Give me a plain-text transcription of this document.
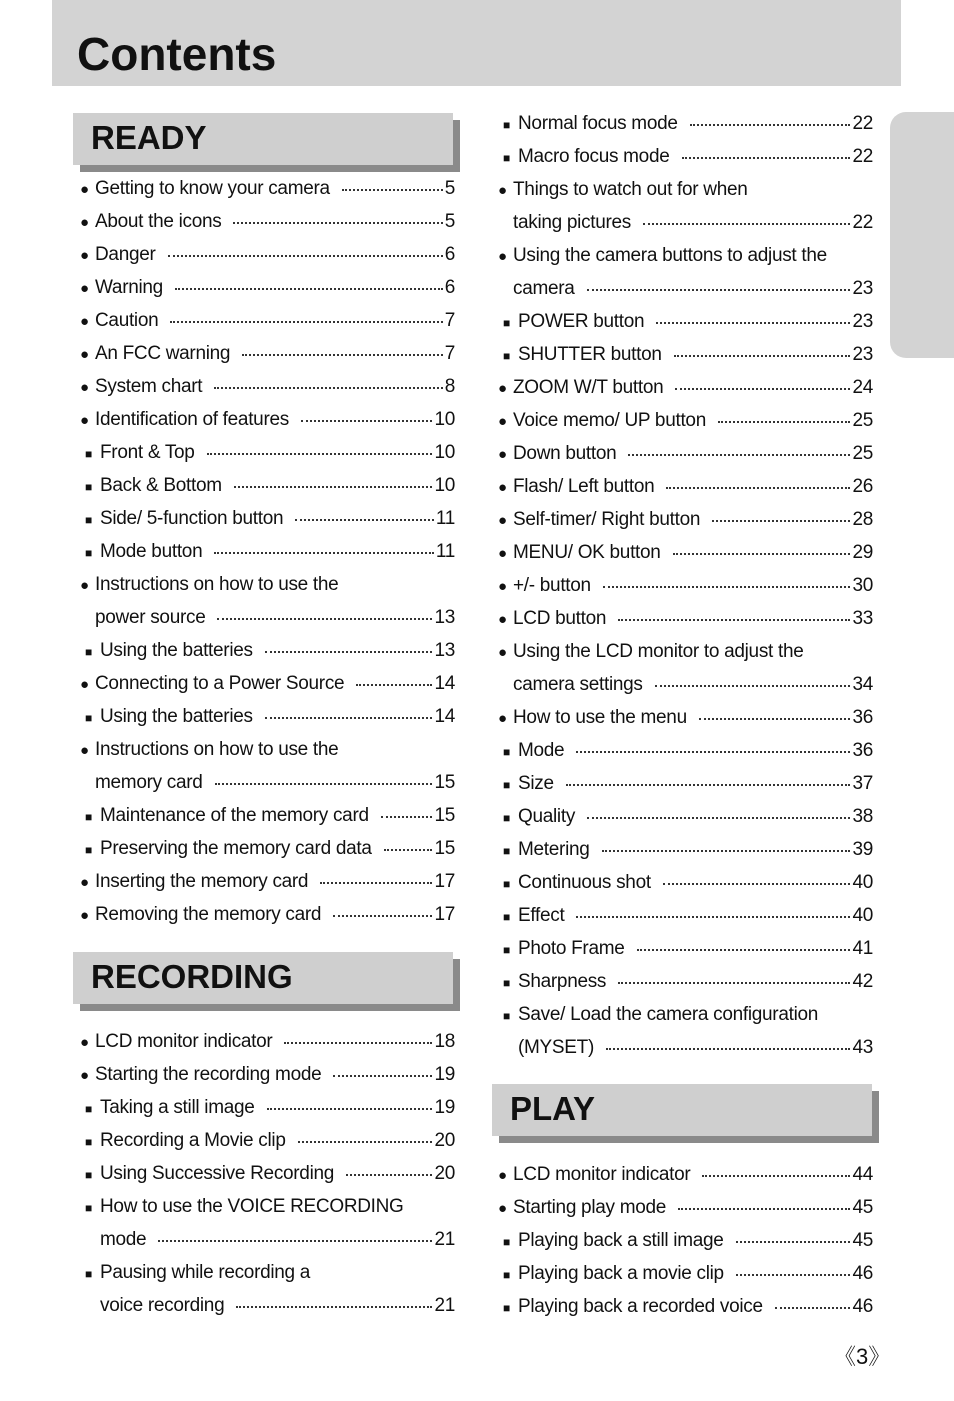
Contents
READY
● Getting to know your camera	5
● About the icons	5
● Danger	6
● Warning	6
● Caution	7
● An FCC warning	7
● System chart	8
● Identification of features	10
■ Front & Top	10
■ Back & Bottom	10
■ Side/ 5-function button	11
■ Mode button	11
● Instructions on how to use the
power source	13
■ Using the batteries	13
● Connecting to a Power Source	14
■ Using the batteries	14
● Instructions on how to use the
memory card	15
■ Maintenance of the memory card	15
■ Preserving the memory card data	15
● Inserting the memory card	17
● Removing the memory card	17
RECORDING
● LCD monitor indicator	18
● Starting the recording mode	19
■ Taking a still image	19
■ Recording a Movie clip	20
■ Using Successive Recording	20
■ How to use the VOICE RECORDING
mode	21
■ Pausing while recording a
voice recording	21
■ Normal focus mode	22
■ Macro focus mode	22
● Things to watch out for when
taking pictures	22
● Using the camera buttons to adjust the
camera	23
■ POWER button	23
■ SHUTTER button	23
● ZOOM W/T button	24
● Voice memo/ UP button	25
● Down button	25
● Flash/ Left button	26
● Self-timer/ Right button	28
● MENU/ OK button	29
● +/- button	30
● LCD button	33
● Using the LCD monitor to adjust the
camera settings	34
● How to use the menu	36
■ Mode	36
■ Size	37
■ Quality	38
■ Metering	39
■ Continuous shot	40
■ Effect	40
■ Photo Frame	41
■ Sharpness	42
■ Save/ Load the camera configuration
(MYSET)	43
PLAY
● LCD monitor indicator	44
● Starting play mode	45
■ Playing back a still image	45
■ Playing back a movie clip	46
■ Playing back a recorded voice	46
《3》
